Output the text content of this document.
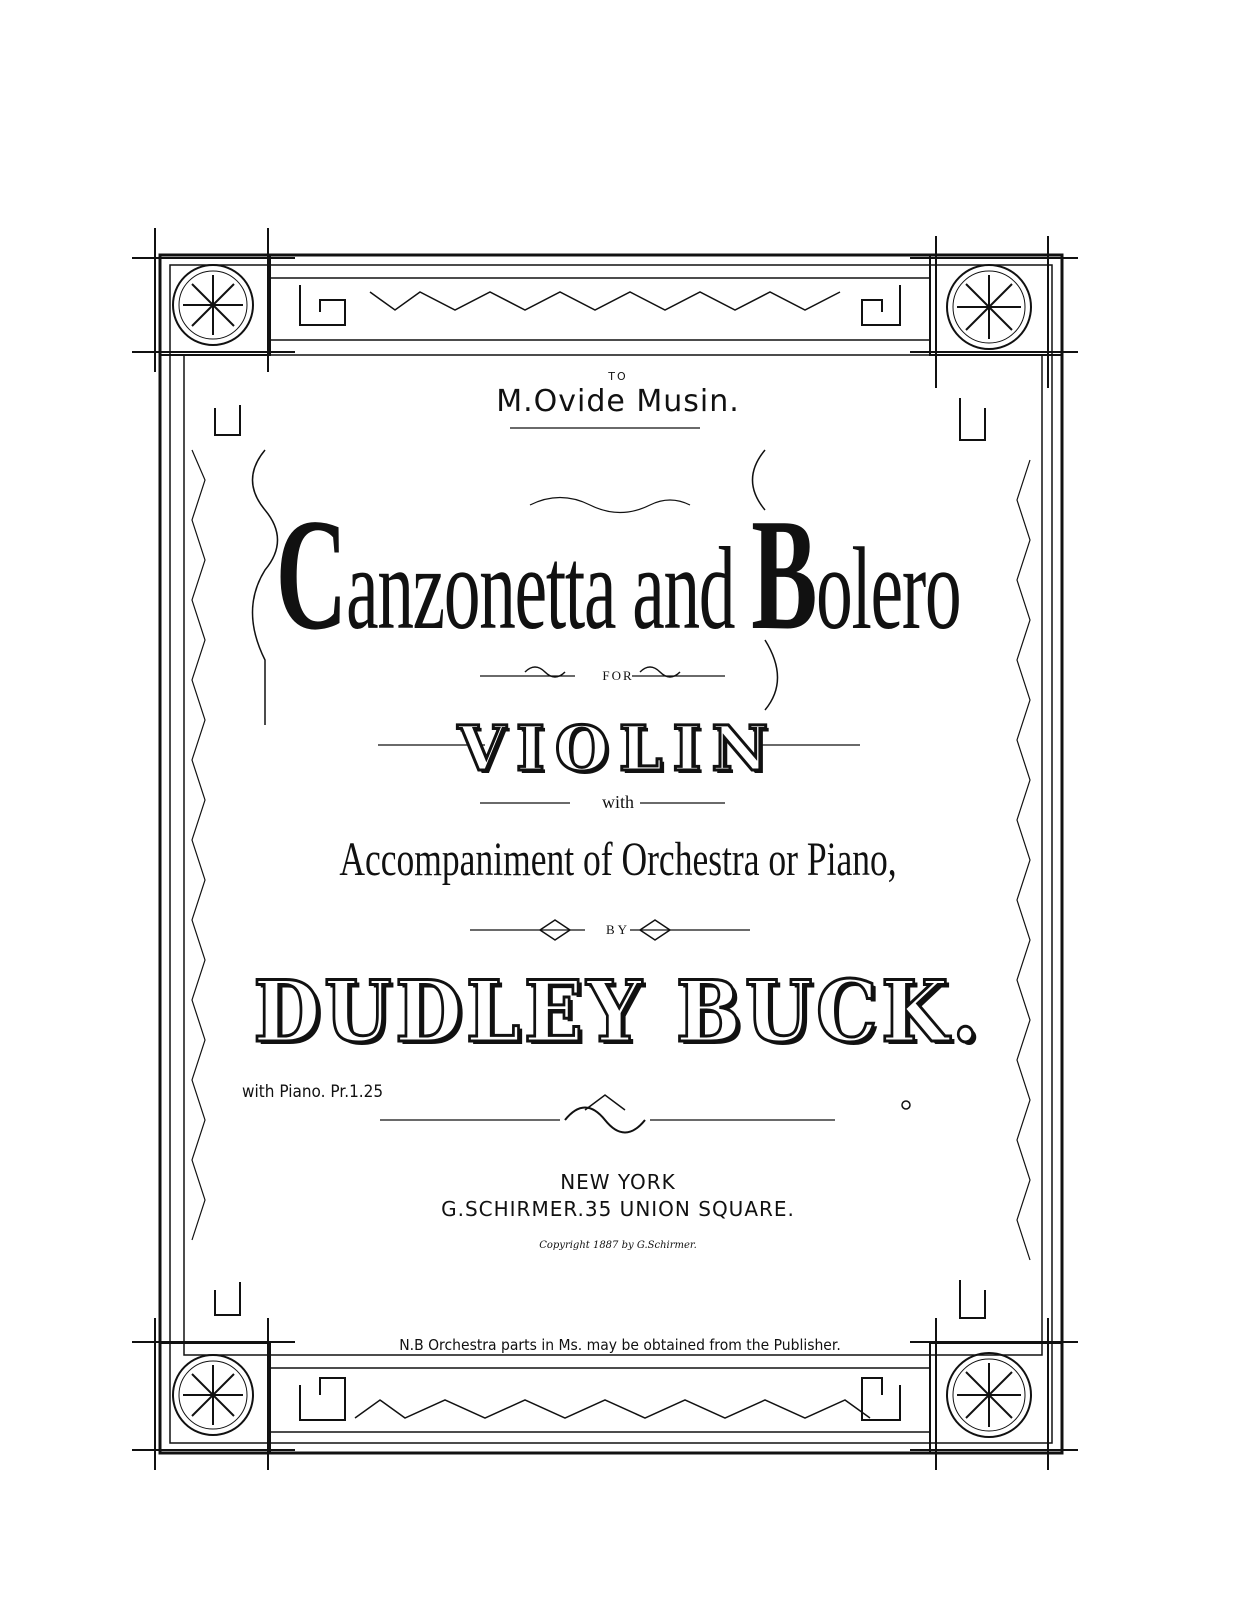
TO
M.Ovide Musin.
Canzonetta and Bolero
FOR
VIOLIN
with
Accompaniment of Orchestra or Piano,
BY
DUDLEY BUCK.
with Piano. Pr.1.25
NEW YORK
G.SCHIRMER.35 UNION SQUARE.
Copyright 1887 by G.Schirmer.
N.B Orchestra parts in Ms. may be obtained from the Publisher.
